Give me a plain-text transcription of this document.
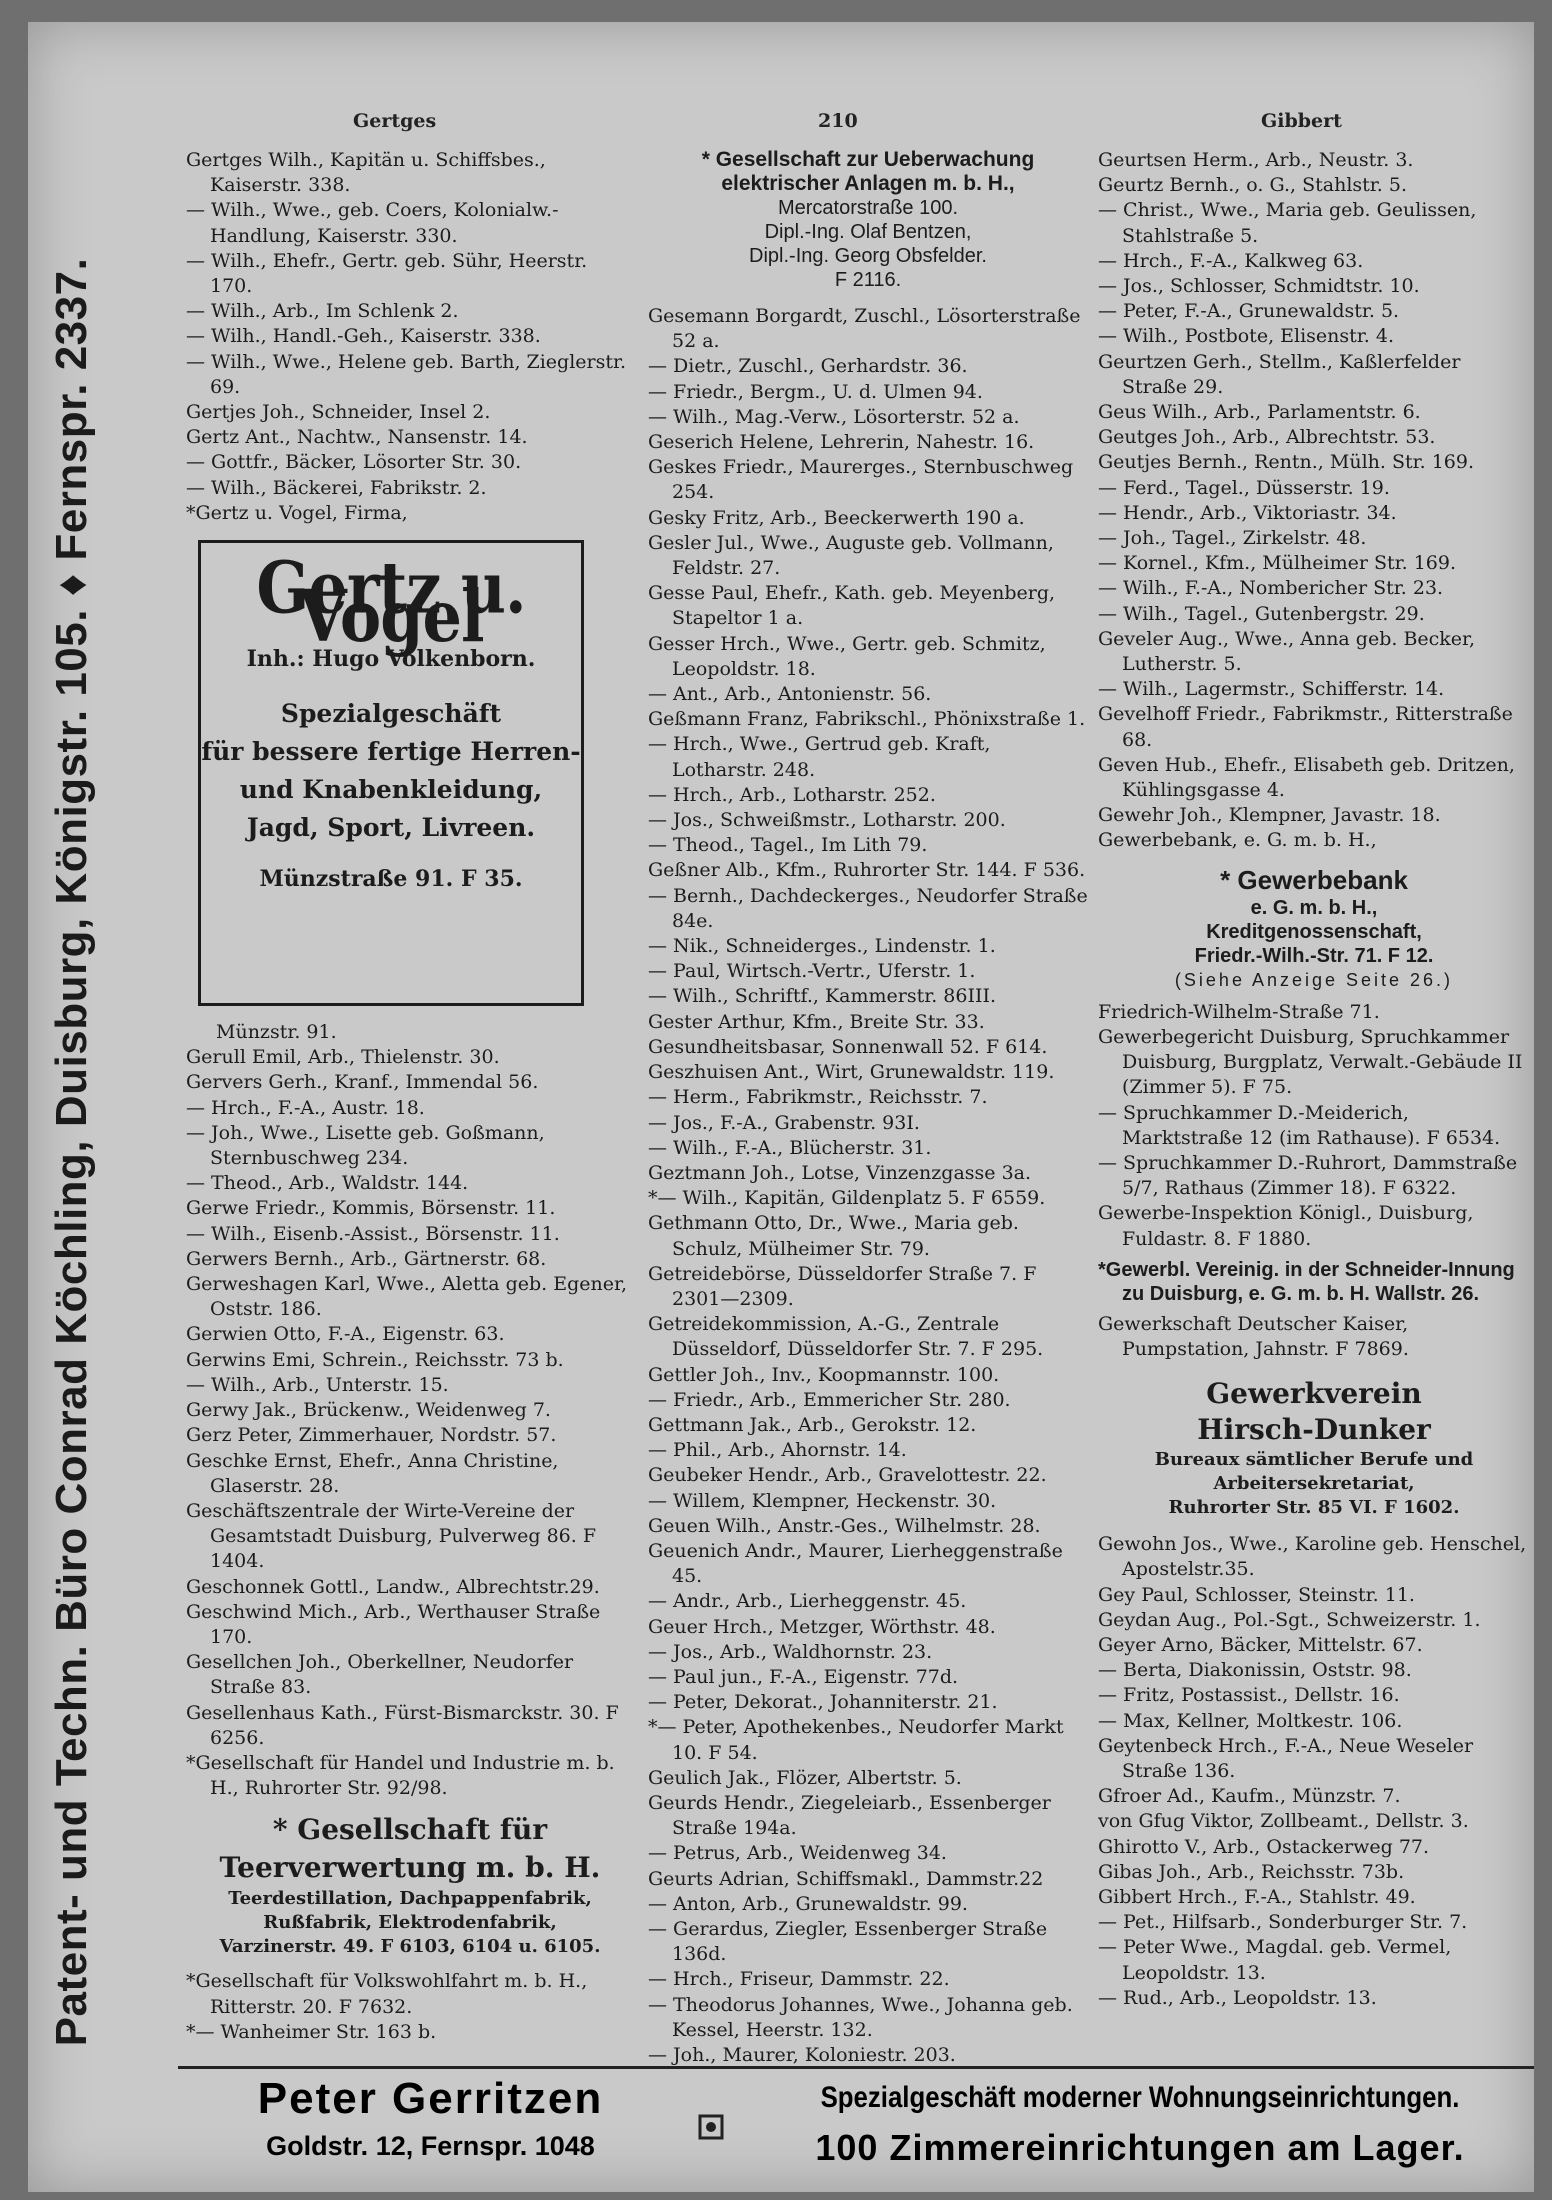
Patent- und Techn. Büro Conrad Köchling, Duisburg, Königstr. 105. ♦ Fernspr. 2337.
Gertges	210	Gibbert
Gertges Wilh., Kapitän u. Schiffsbes., Kaiserstr. 338.
— Wilh., Wwe., geb. Coers, Kolonialw.-Handlung, Kaiserstr. 330.
— Wilh., Ehefr., Gertr. geb. Sühr, Heerstr. 170.
— Wilh., Arb., Im Schlenk 2.
— Wilh., Handl.-Geh., Kaiserstr. 338.
— Wilh., Wwe., Helene geb. Barth, Zieglerstr. 69.
Gertjes Joh., Schneider, Insel 2.
Gertz Ant., Nachtw., Nansenstr. 14.
— Gottfr., Bäcker, Lösorter Str. 30.
— Wilh., Bäckerei, Fabrikstr. 2.
*Gertz u. Vogel, Firma,
Gertz u. Vogel
Inh.: Hugo Volkenborn.
Spezialgeschäft
für bessere fertige Herren-
und Knabenkleidung,
Jagd, Sport, Livreen.
Münzstraße 91. F 35.
Münzstr. 91.
Gerull Emil, Arb., Thielenstr. 30.
Gervers Gerh., Kranf., Immendal 56.
— Hrch., F.-A., Austr. 18.
— Joh., Wwe., Lisette geb. Goßmann, Sternbuschweg 234.
— Theod., Arb., Waldstr. 144.
Gerwe Friedr., Kommis, Börsenstr. 11.
— Wilh., Eisenb.-Assist., Börsenstr. 11.
Gerwers Bernh., Arb., Gärtnerstr. 68.
Gerweshagen Karl, Wwe., Aletta geb. Egener, Oststr. 186.
Gerwien Otto, F.-A., Eigenstr. 63.
Gerwins Emi, Schrein., Reichsstr. 73 b.
— Wilh., Arb., Unterstr. 15.
Gerwy Jak., Brückenw., Weidenweg 7.
Gerz Peter, Zimmerhauer, Nordstr. 57.
Geschke Ernst, Ehefr., Anna Christine, Glaserstr. 28.
Geschäftszentrale der Wirte-Vereine der Gesamtstadt Duisburg, Pulverweg 86. F 1404.
Geschonnek Gottl., Landw., Albrechtstr.29.
Geschwind Mich., Arb., Werthauser Straße 170.
Gesellchen Joh., Oberkellner, Neudorfer Straße 83.
Gesellenhaus Kath., Fürst-Bismarckstr. 30. F 6256.
*Gesellschaft für Handel und Industrie m. b. H., Ruhrorter Str. 92/98.
* Gesellschaft für
Teerverwertung m. b. H.
Teerdestillation, Dachpappenfabrik, Rußfabrik, Elektrodenfabrik,
Varzinerstr. 49. F 6103, 6104 u. 6105.
*Gesellschaft für Volkswohlfahrt m. b. H., Ritterstr. 20. F 7632.
*— Wanheimer Str. 163 b.
* Gesellschaft zur Ueberwachung
elektrischer Anlagen m. b. H.,
Mercatorstraße 100.
Dipl.-Ing. Olaf Bentzen,
Dipl.-Ing. Georg Obsfelder.
F 2116.
Gesemann Borgardt, Zuschl., Lösorterstraße 52 a.
— Dietr., Zuschl., Gerhardstr. 36.
— Friedr., Bergm., U. d. Ulmen 94.
— Wilh., Mag.-Verw., Lösorterstr. 52 a.
Geserich Helene, Lehrerin, Nahestr. 16.
Geskes Friedr., Maurerges., Sternbuschweg 254.
Gesky Fritz, Arb., Beeckerwerth 190 a.
Gesler Jul., Wwe., Auguste geb. Vollmann, Feldstr. 27.
Gesse Paul, Ehefr., Kath. geb. Meyenberg, Stapeltor 1 a.
Gesser Hrch., Wwe., Gertr. geb. Schmitz, Leopoldstr. 18.
— Ant., Arb., Antonienstr. 56.
Geßmann Franz, Fabrikschl., Phönixstraße 1.
— Hrch., Wwe., Gertrud geb. Kraft, Lotharstr. 248.
— Hrch., Arb., Lotharstr. 252.
— Jos., Schweißmstr., Lotharstr. 200.
— Theod., Tagel., Im Lith 79.
Geßner Alb., Kfm., Ruhrorter Str. 144. F 536.
— Bernh., Dachdeckerges., Neudorfer Straße 84e.
— Nik., Schneiderges., Lindenstr. 1.
— Paul, Wirtsch.-Vertr., Uferstr. 1.
— Wilh., Schriftf., Kammerstr. 86III.
Gester Arthur, Kfm., Breite Str. 33.
Gesundheitsbasar, Sonnenwall 52. F 614.
Geszhuisen Ant., Wirt, Grunewaldstr. 119.
— Herm., Fabrikmstr., Reichsstr. 7.
— Jos., F.-A., Grabenstr. 93I.
— Wilh., F.-A., Blücherstr. 31.
Geztmann Joh., Lotse, Vinzenzgasse 3a.
*— Wilh., Kapitän, Gildenplatz 5. F 6559.
Gethmann Otto, Dr., Wwe., Maria geb. Schulz, Mülheimer Str. 79.
Getreidebörse, Düsseldorfer Straße 7. F 2301—2309.
Getreidekommission, A.-G., Zentrale Düsseldorf, Düsseldorfer Str. 7. F 295.
Gettler Joh., Inv., Koopmannstr. 100.
— Friedr., Arb., Emmericher Str. 280.
Gettmann Jak., Arb., Gerokstr. 12.
— Phil., Arb., Ahornstr. 14.
Geubeker Hendr., Arb., Gravelottestr. 22.
— Willem, Klempner, Heckenstr. 30.
Geuen Wilh., Anstr.-Ges., Wilhelmstr. 28.
Geuenich Andr., Maurer, Lierheggenstraße 45.
— Andr., Arb., Lierheggenstr. 45.
Geuer Hrch., Metzger, Wörthstr. 48.
— Jos., Arb., Waldhornstr. 23.
— Paul jun., F.-A., Eigenstr. 77d.
— Peter, Dekorat., Johanniterstr. 21.
*— Peter, Apothekenbes., Neudorfer Markt 10. F 54.
Geulich Jak., Flözer, Albertstr. 5.
Geurds Hendr., Ziegeleiarb., Essenberger Straße 194a.
— Petrus, Arb., Weidenweg 34.
Geurts Adrian, Schiffsmakl., Dammstr.22
— Anton, Arb., Grunewaldstr. 99.
— Gerardus, Ziegler, Essenberger Straße 136d.
— Hrch., Friseur, Dammstr. 22.
— Theodorus Johannes, Wwe., Johanna geb. Kessel, Heerstr. 132.
— Joh., Maurer, Koloniestr. 203.
Geurtsen Herm., Arb., Neustr. 3.
Geurtz Bernh., o. G., Stahlstr. 5.
— Christ., Wwe., Maria geb. Geulissen, Stahlstraße 5.
— Hrch., F.-A., Kalkweg 63.
— Jos., Schlosser, Schmidtstr. 10.
— Peter, F.-A., Grunewaldstr. 5.
— Wilh., Postbote, Elisenstr. 4.
Geurtzen Gerh., Stellm., Kaßlerfelder Straße 29.
Geus Wilh., Arb., Parlamentstr. 6.
Geutges Joh., Arb., Albrechtstr. 53.
Geutjes Bernh., Rentn., Mülh. Str. 169.
— Ferd., Tagel., Düsserstr. 19.
— Hendr., Arb., Viktoriastr. 34.
— Joh., Tagel., Zirkelstr. 48.
— Kornel., Kfm., Mülheimer Str. 169.
— Wilh., F.-A., Nombericher Str. 23.
— Wilh., Tagel., Gutenbergstr. 29.
Geveler Aug., Wwe., Anna geb. Becker, Lutherstr. 5.
— Wilh., Lagermstr., Schifferstr. 14.
Gevelhoff Friedr., Fabrikmstr., Ritterstraße 68.
Geven Hub., Ehefr., Elisabeth geb. Dritzen, Kühlingsgasse 4.
Gewehr Joh., Klempner, Javastr. 18.
Gewerbebank, e. G. m. b. H.,
* Gewerbebank
e. G. m. b. H.,
Kreditgenossenschaft,
Friedr.-Wilh.-Str. 71. F 12.
(Siehe Anzeige Seite 26.)
Friedrich-Wilhelm-Straße 71.
Gewerbegericht Duisburg, Spruchkammer Duisburg, Burgplatz, Verwalt.-Gebäude II (Zimmer 5). F 75.
— Spruchkammer D.-Meiderich, Marktstraße 12 (im Rathause). F 6534.
— Spruchkammer D.-Ruhrort, Dammstraße 5/7, Rathaus (Zimmer 18). F 6322.
Gewerbe-Inspektion Königl., Duisburg, Fuldastr. 8. F 1880.
*Gewerbl. Vereinig. in der Schneider-Innung zu Duisburg, e. G. m. b. H. Wallstr. 26.
Gewerkschaft Deutscher Kaiser, Pumpstation, Jahnstr. F 7869.
Gewerkverein
Hirsch-Dunker
Bureaux sämtlicher Berufe und Arbeitersekretariat,
Ruhrorter Str. 85 VI. F 1602.
Gewohn Jos., Wwe., Karoline geb. Henschel, Apostelstr.35.
Gey Paul, Schlosser, Steinstr. 11.
Geydan Aug., Pol.-Sgt., Schweizerstr. 1.
Geyer Arno, Bäcker, Mittelstr. 67.
— Berta, Diakonissin, Oststr. 98.
— Fritz, Postassist., Dellstr. 16.
— Max, Kellner, Moltkestr. 106.
Geytenbeck Hrch., F.-A., Neue Weseler Straße 136.
Gfroer Ad., Kaufm., Münzstr. 7.
von Gfug Viktor, Zollbeamt., Dellstr. 3.
Ghirotto V., Arb., Ostackerweg 77.
Gibas Joh., Arb., Reichsstr. 73b.
Gibbert Hrch., F.-A., Stahlstr. 49.
— Pet., Hilfsarb., Sonderburger Str. 7.
— Peter Wwe., Magdal. geb. Vermel, Leopoldstr. 13.
— Rud., Arb., Leopoldstr. 13.
Peter Gerritzen
Goldstr. 12, Fernspr. 1048
Spezialgeschäft moderner Wohnungseinrichtungen.
100 Zimmereinrichtungen am Lager.
